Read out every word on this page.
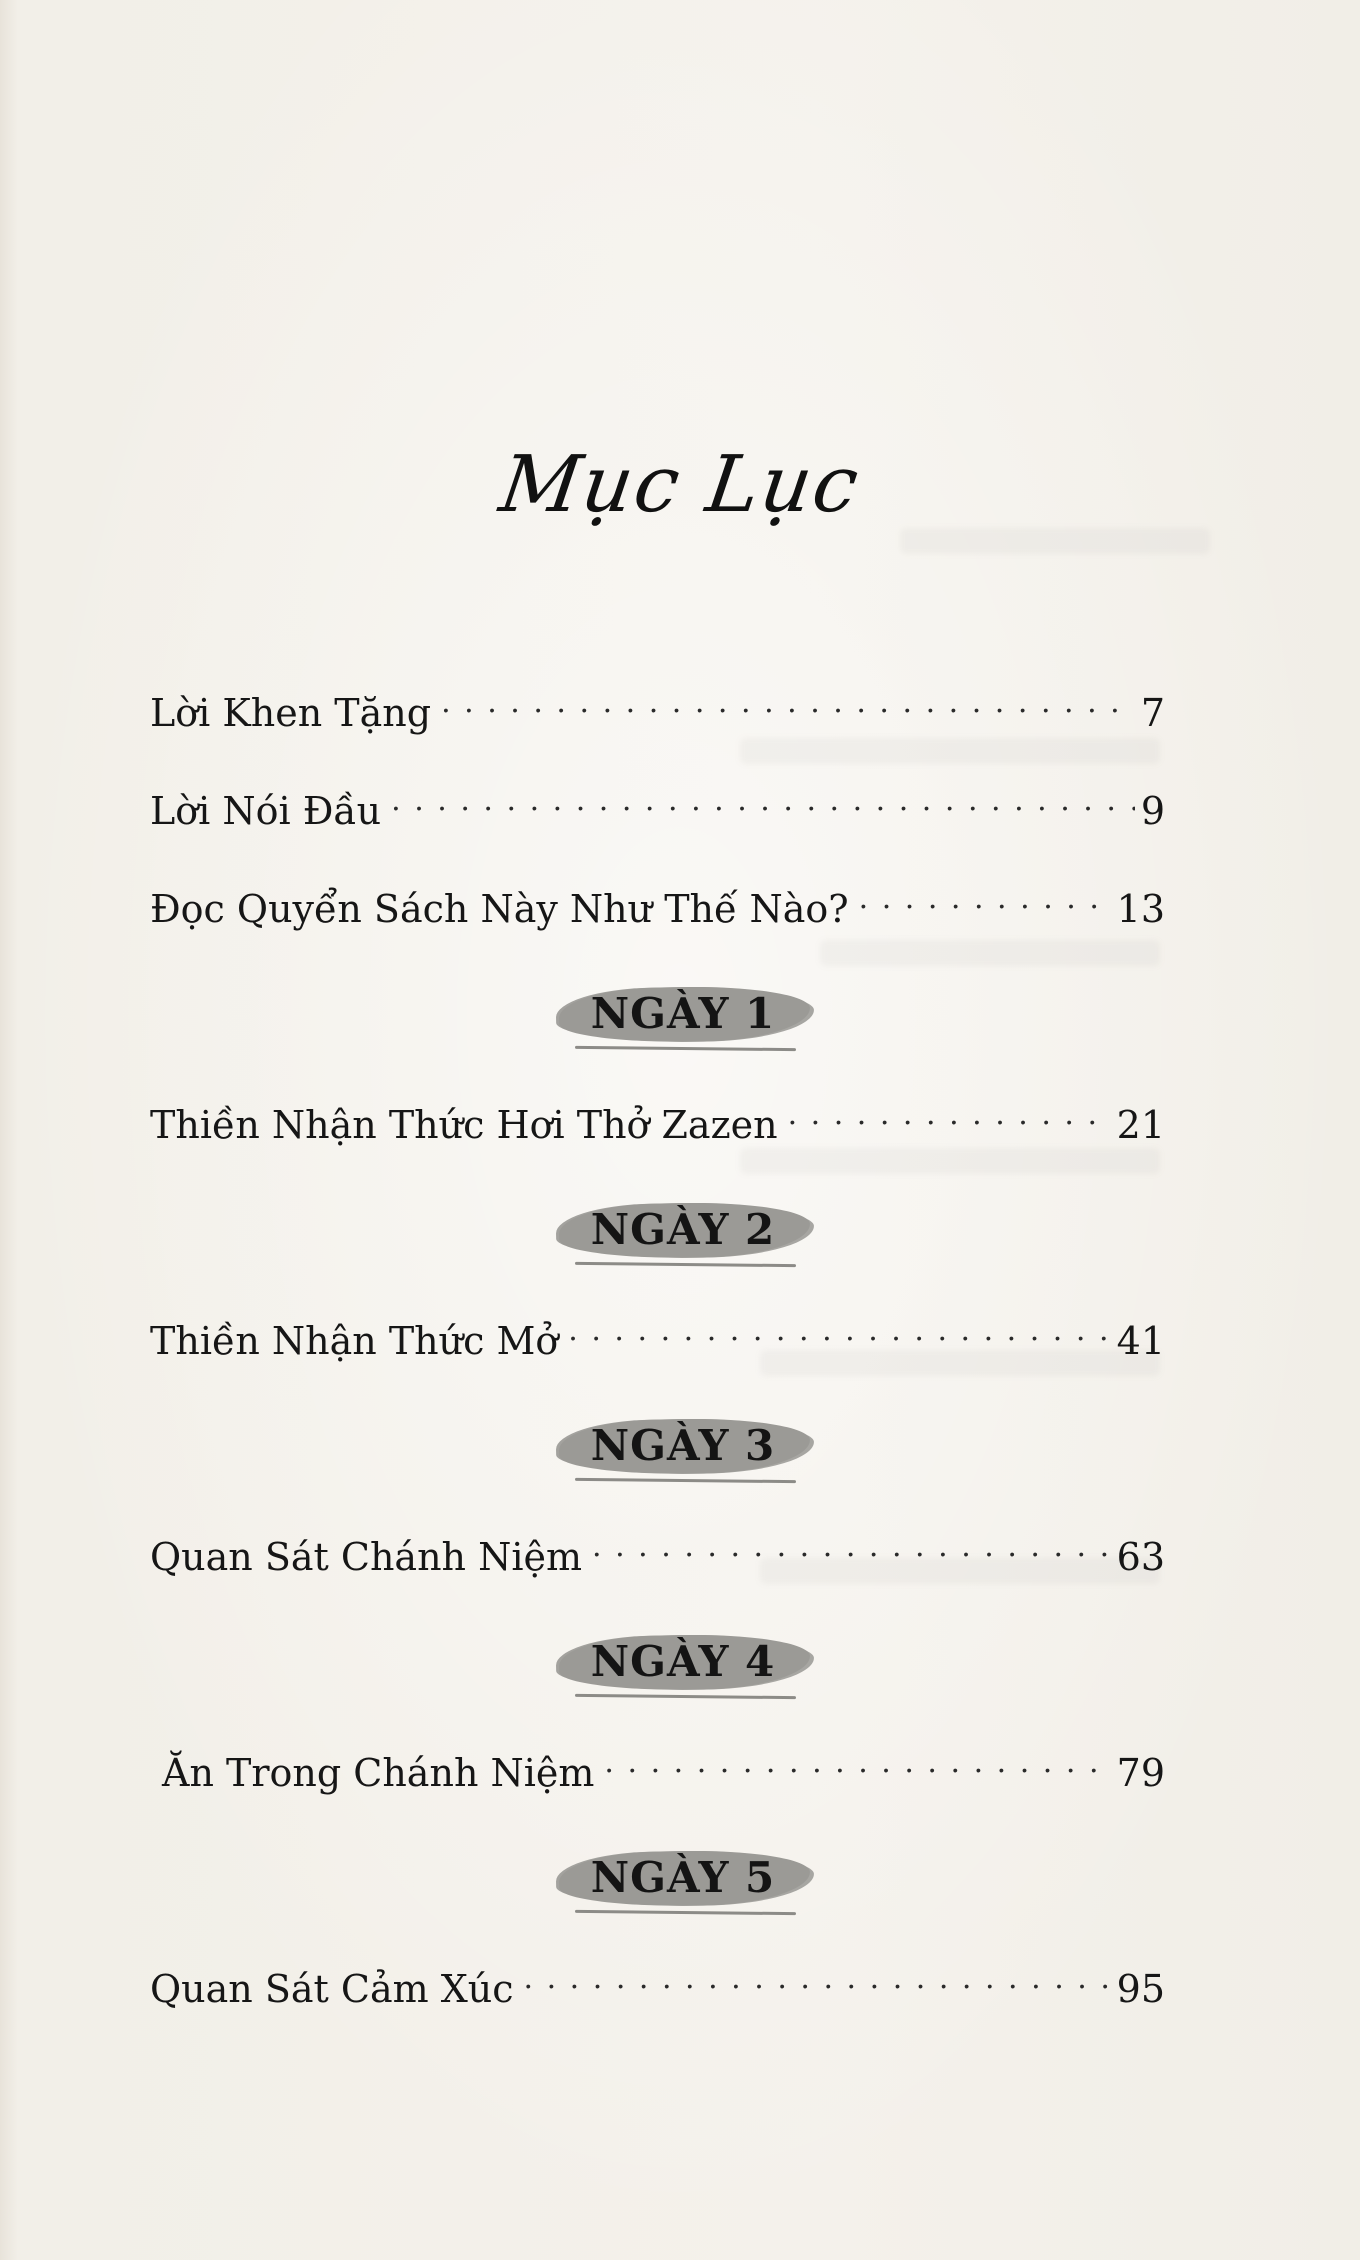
Mục Lục
Lời Khen Tặng . . .	7
Lời Nói Đầu . . .	9
Đọc Quyển Sách Này Như Thế Nào? . . .	13
NGÀY 1
Thiền Nhận Thức Hơi Thở Zazen . . .	21
NGÀY 2
Thiền Nhận Thức Mở . . .	41
NGÀY 3
Quan Sát Chánh Niệm . . .	63
NGÀY 4
Ăn Trong Chánh Niệm . . .	79
NGÀY 5
Quan Sát Cảm Xúc . . .	95
